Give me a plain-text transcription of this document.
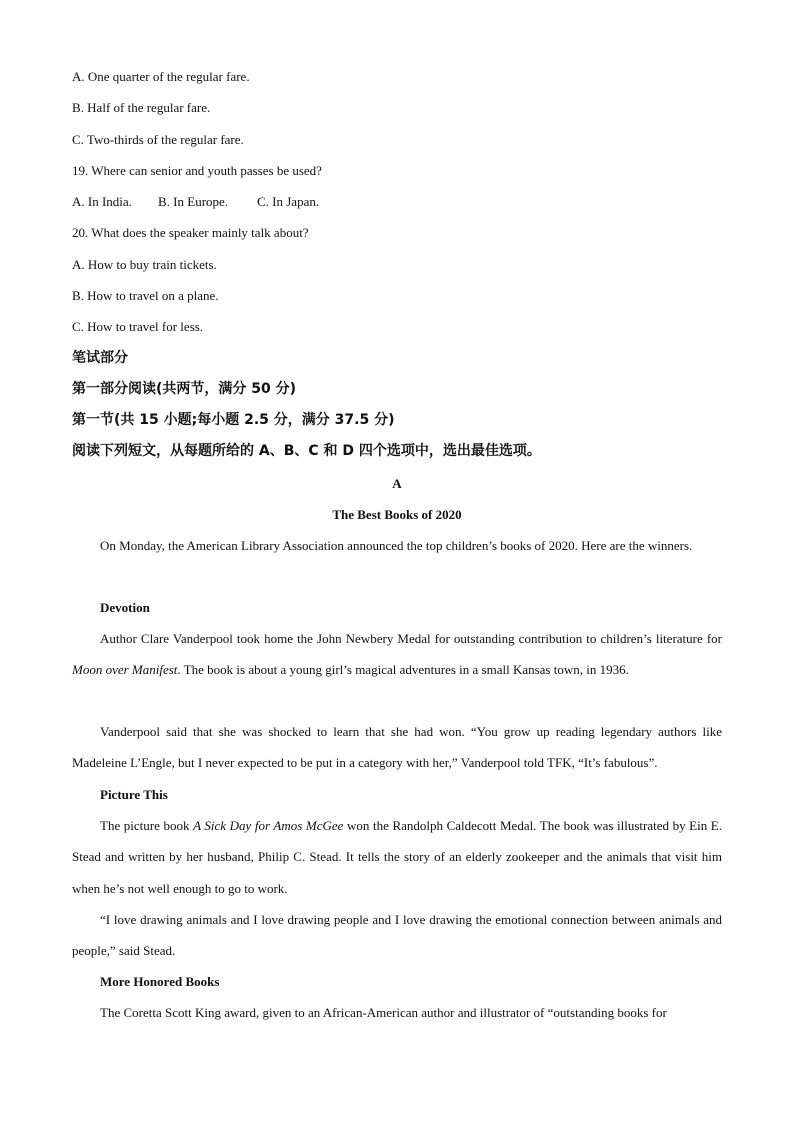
A. One quarter of the regular fare.
B. Half of the regular fare.
C. Two-thirds of the regular fare.
19. Where can senior and youth passes be used?
A. In India. B. In Europe. C. In Japan.
20. What does the speaker mainly talk about?
A. How to buy train tickets.
B. How to travel on a plane.
C. How to travel for less.
笔试部分
第一部分阅读(共两节，满分 50 分)
第一节(共 15 小题;每小题 2.5 分，满分 37.5 分)
阅读下列短文，从每题所给的 A、B、C 和 D 四个选项中，选出最佳选项。
A
The Best Books of 2020
On Monday, the American Library Association announced the top children’s books of 2020. Here are the winners.
Devotion
Author Clare Vanderpool took home the John Newbery Medal for outstanding contribution to children’s literature for Moon over Manifest. The book is about a young girl’s magical adventures in a small Kansas town, in 1936.
Vanderpool said that she was shocked to learn that she had won. “You grow up reading legendary authors like Madeleine L’Engle, but I never expected to be put in a category with her,” Vanderpool told TFK, “It’s fabulous”.
Picture This
The picture book A Sick Day for Amos McGee won the Randolph Caldecott Medal. The book was illustrated by Ein E. Stead and written by her husband, Philip C. Stead. It tells the story of an elderly zookeeper and the animals that visit him when he’s not well enough to go to work.
“I love drawing animals and I love drawing people and I love drawing the emotional connection between animals and people,” said Stead.
More Honored Books
The Coretta Scott King award, given to an African-American author and illustrator of “outstanding books for
